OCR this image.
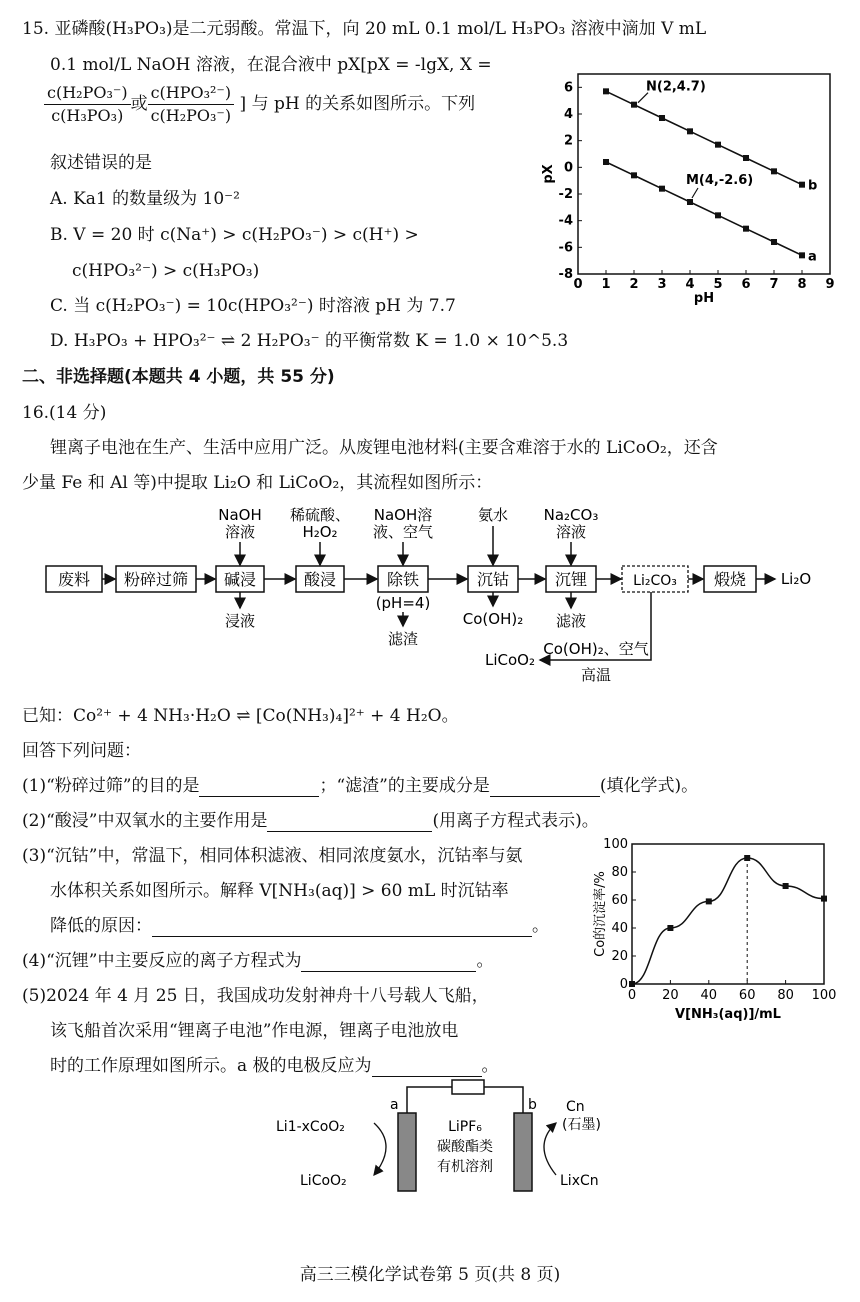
15. 亚磷酸(H₃PO₃)是二元弱酸。常温下，向 20 mL 0.1 mol/L H₃PO₃ 溶液中滴加 V mL
0.1 mol/L NaOH 溶液，在混合液中 pX[pX = -lgX, X =
$\frac{\text{c(H₂PO₃⁻)}}{\text{c(H₃PO₃)}}$ 或 $\frac{\text{c(HPO₃²⁻)}}{\text{c(H₂PO₃⁻)}}$ ] 与 pH 的关系如图所示。下列
叙述错误的是
A. Ka1 的数量级为 10⁻²
B. V = 20 时 c(Na⁺) > c(H₂PO₃⁻) > c(H⁺) >
c(HPO₃²⁻) > c(H₃PO₃)
C. 当 c(H₂PO₃⁻) = 10c(HPO₃²⁻) 时溶液 pH 为 7.7
D. H₃PO₃ + HPO₃²⁻ ⇌ 2 H₂PO₃⁻ 的平衡常数 K = 1.0 × 10^5.3
0 1 2 3 4 5 6 7 8 9
6
4
2
0
-2
-4
-6
-8
pH
pX
b
a
N(2,4.7)
M(4,-2.6)
二、非选择题(本题共 4 小题，共 55 分)
16.(14 分)
锂离子电池在生产、生活中应用广泛。从废锂电池材料(主要含难溶于水的 LiCoO₂，还含
少量 Fe 和 Al 等)中提取 Li₂O 和 LiCoO₂，其流程如图所示：
废料 粉碎过筛 碱浸	酸浸	除铁	沉钴	沉锂	Li₂CO₃ 煅烧 Li₂O
NaOH
溶液
稀硫酸、
H₂O₂
NaOH溶
液、空气
氨水 Na₂CO₃
溶液
浸液
(pH=4)
滤渣
Co(OH)₂ 滤液
Co(OH)₂、空气
高温
LiCoO₂
已知：Co²⁺ + 4 NH₃·H₂O ⇌ [Co(NH₃)₄]²⁺ + 4 H₂O。
回答下列问题：
(1)“粉碎过筛”的目的是	；“滤渣”的主要成分是	(填化学式)。
(2)“酸浸”中双氧水的主要作用是	(用离子方程式表示)。
(3)“沉钴”中，常温下，相同体积滤液、相同浓度氨水，沉钴率与氨
水体积关系如图所示。解释 V[NH₃(aq)] > 60 mL 时沉钴率
降低的原因：	。
(4)“沉锂”中主要反应的离子方程式为	。
(5)2024 年 4 月 25 日，我国成功发射神舟十八号载人飞船，
该飞船首次采用“锂离子电池”作电源，锂离子电池放电
时的工作原理如图所示。a 极的电极反应为	。
0 20 40 60 80 100
100
80
60
40
20
0
V[NH₃(aq)]/mL
Co的沉淀率/%
a	b
LiPF₆
碳酸酯类
有机溶剂
Li1-xCoO₂
LiCoO₂
Cn
(石墨)
LixCn
高三三模化学试卷第 5 页(共 8 页)
